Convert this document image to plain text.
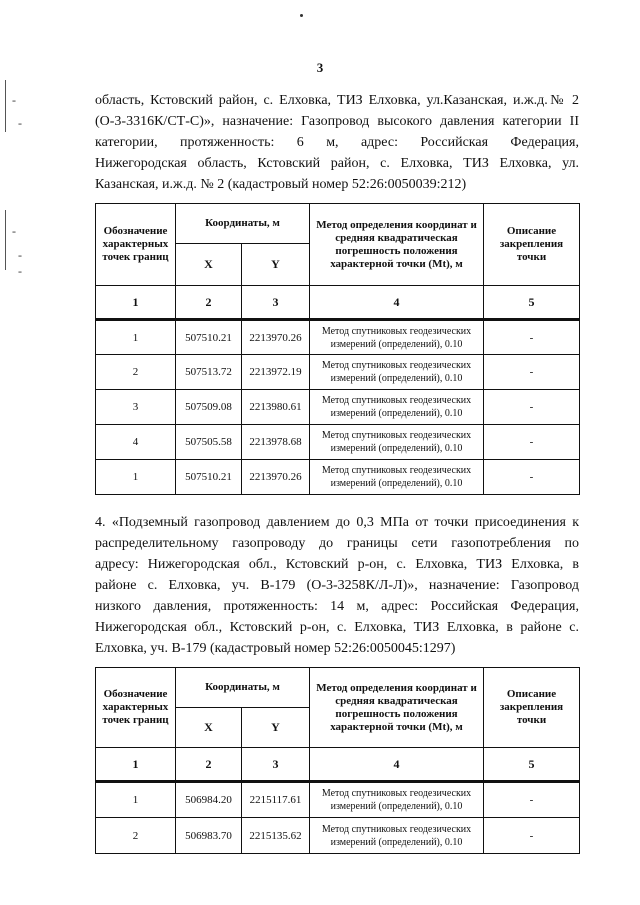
3
-
-
-
-
-
область, Кстовский район, с. Елховка, ТИЗ Елховка, ул.Казанская, и.ж.д.№ 2
(О-3-3316К/СТ-С)», назначение: Газопровод высокого давления категории II
категории, протяженность: 6 м, адрес: Российская Федерация,
Нижегородская область, Кстовский район, с. Елховка, ТИЗ Елховка, ул.
Казанская, и.ж.д. № 2 (кадастровый номер 52:26:0050039:212)
Обозначение характерных точек границ	Координаты, м		Метод определения координат и средняя квадратическая погрешность положения характерной точки (Mt), м	Описание закрепления точки
	X	Y		
1	2	3	4	5
1	507510.21	2213970.26	Метод спутниковых геодезических измерений (определений), 0.10	-
2	507513.72	2213972.19	Метод спутниковых геодезических измерений (определений), 0.10	-
3	507509.08	2213980.61	Метод спутниковых геодезических измерений (определений), 0.10	-
4	507505.58	2213978.68	Метод спутниковых геодезических измерений (определений), 0.10	-
1	507510.21	2213970.26	Метод спутниковых геодезических измерений (определений), 0.10	-
4. «Подземный газопровод давлением до 0,3 МПа от точки присоединения к
распределительному газопроводу до границы сети газопотребления по
адресу: Нижегородская обл., Кстовский р-он, с. Елховка, ТИЗ Елховка, в
районе с. Елховка, уч. В-179 (О-3-3258К/Л-Л)», назначение: Газопровод
низкого давления, протяженность: 14 м, адрес: Российская Федерация,
Нижегородская обл., Кстовский р-он, с. Елховка, ТИЗ Елховка, в районе с.
Елховка, уч. В-179 (кадастровый номер 52:26:0050045:1297)
Обозначение характерных точек границ	Координаты, м		Метод определения координат и средняя квадратическая погрешность положения характерной точки (Mt), м	Описание закрепления точки
	X	Y		
1	2	3	4	5
1	506984.20	2215117.61	Метод спутниковых геодезических измерений (определений), 0.10	-
2	506983.70	2215135.62	Метод спутниковых геодезических измерений (определений), 0.10	-
